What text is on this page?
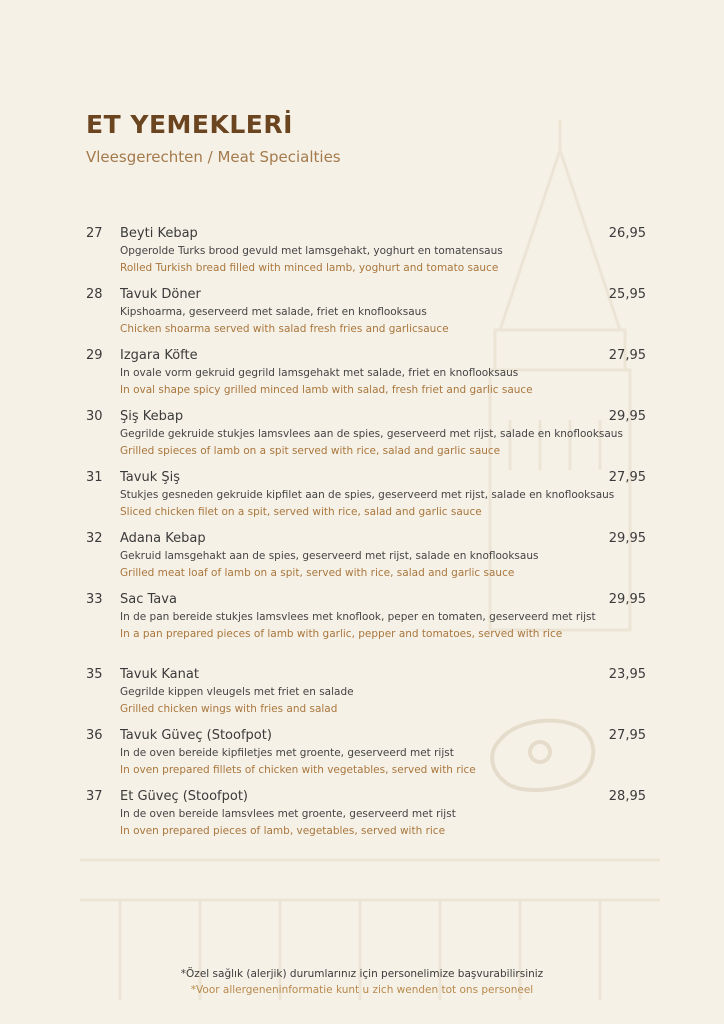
ET YEMEKLERİ
Vleesgerechten / Meat Specialties
27 Beyti Kebap	26,95
Opgerolde Turks brood gevuld met lamsgehakt, yoghurt en tomatensaus
Rolled Turkish bread filled with minced lamb, yoghurt and tomato sauce
28 Tavuk Döner	25,95
Kipshoarma, geserveerd met salade, friet en knoflooksaus
Chicken shoarma served with salad fresh fries and garlicsauce
29 Izgara Köfte	27,95
In ovale vorm gekruid gegrild lamsgehakt met salade, friet en knoflooksaus
In oval shape spicy grilled minced lamb with salad, fresh friet and garlic sauce
30 Şiş Kebap	29,95
Gegrilde gekruide stukjes lamsvlees aan de spies, geserveerd met rijst, salade en knoflooksaus
Grilled spieces of lamb on a spit served with rice, salad and garlic sauce
31 Tavuk Şiş	27,95
Stukjes gesneden gekruide kipfilet aan de spies, geserveerd met rijst, salade en knoflooksaus
Sliced chicken filet on a spit, served with rice, salad and garlic sauce
32 Adana Kebap	29,95
Gekruid lamsgehakt aan de spies, geserveerd met rijst, salade en knoflooksaus
Grilled meat loaf of lamb on a spit, served with rice, salad and garlic sauce
33 Sac Tava	29,95
In de pan bereide stukjes lamsvlees met knoflook, peper en tomaten, geserveerd met rijst
In a pan prepared pieces of lamb with garlic, pepper and tomatoes, served with rice
35 Tavuk Kanat	23,95
Gegrilde kippen vleugels met friet en salade
Grilled chicken wings with fries and salad
36 Tavuk Güveç (Stoofpot)	27,95
In de oven bereide kipfiletjes met groente, geserveerd met rijst
In oven prepared fillets of chicken with vegetables, served with rice
37 Et Güveç (Stoofpot)	28,95
In de oven bereide lamsvlees met groente, geserveerd met rijst
In oven prepared pieces of lamb, vegetables, served with rice
*Özel sağlık (alerjik) durumlarınız için personelimize başvurabilirsiniz
*Voor allergeneninformatie kunt u zich wenden tot ons personeel
